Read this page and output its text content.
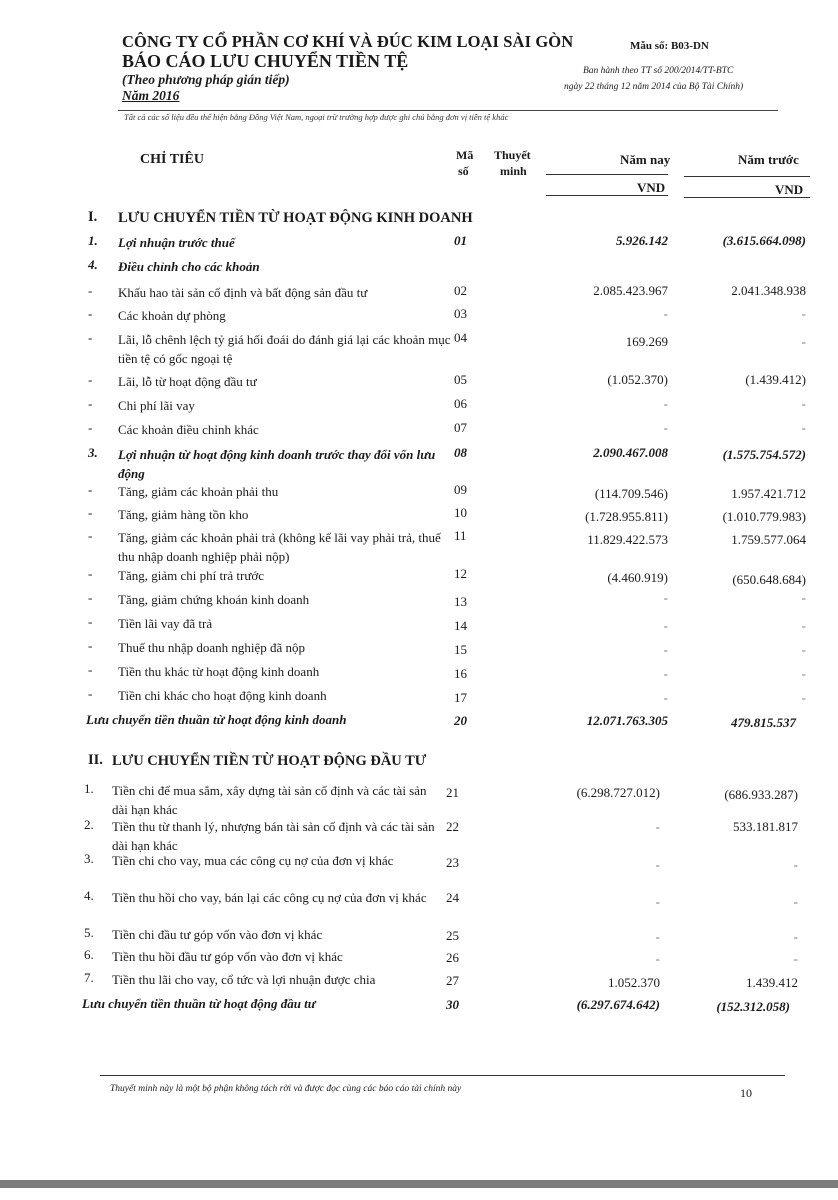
CÔNG TY CỔ PHẦN CƠ KHÍ VÀ ĐÚC KIM LOẠI SÀI GÒN
BÁO CÁO LƯU CHUYỂN TIỀN TỆ
(Theo phương pháp gián tiếp)
Năm 2016
Mẫu số: B03-DN
Ban hành theo TT số 200/2014/TT-BTC
ngày 22 tháng 12 năm 2014 của Bộ Tài Chính)
Tất cả các số liệu đều thể hiện bằng Đồng Việt Nam, ngoại trừ trường hợp được ghi chú bằng đơn vị tiền tệ khác
CHỈ TIÊU	Mã
số
Thuyết
minh
Năm nay	Năm trước
VND	VND
I. LƯU CHUYỂN TIỀN TỪ HOẠT ĐỘNG KINH DOANH
1. Lợi nhuận trước thuế	01	5.926.142	(3.615.664.098)
4. Điều chỉnh cho các khoản
- Khấu hao tài sản cố định và bất động sản đầu tư	02	2.085.423.967	2.041.348.938
- Các khoản dự phòng	03	-	-
- Lãi, lỗ chênh lệch tỷ giá hối đoái do đánh giá lại các khoản mục tiền tệ có gốc ngoại tệ
04	169.269	-
- Lãi, lỗ từ hoạt động đầu tư	05	(1.052.370)	(1.439.412)
- Chi phí lãi vay	06	-	-
- Các khoản điều chỉnh khác	07	-	-
3. Lợi nhuận từ hoạt động kinh doanh trước thay đổi vốn lưu động
08	2.090.467.008	(1.575.754.572)
- Tăng, giảm các khoản phải thu	09	(114.709.546)	1.957.421.712
- Tăng, giảm hàng tồn kho	10	(1.728.955.811)	(1.010.779.983)
- Tăng, giảm các khoản phải trả (không kể lãi vay phải trả, thuế thu nhập doanh nghiệp phải nộp)
11	11.829.422.573	1.759.577.064
- Tăng, giảm chi phí trả trước	12	(4.460.919)	(650.648.684)
- Tăng, giảm chứng khoán kinh doanh	13	-	-
- Tiền lãi vay đã trả	14	-	-
- Thuế thu nhập doanh nghiệp đã nộp	15	-	-
- Tiền thu khác từ hoạt động kinh doanh	16	-	-
- Tiền chi khác cho hoạt động kinh doanh	17	-	-
Lưu chuyển tiền thuần từ hoạt động kinh doanh	20	12.071.763.305	479.815.537
II. LƯU CHUYỂN TIỀN TỪ HOẠT ĐỘNG ĐẦU TƯ
1. Tiền chi để mua sắm, xây dựng tài sản cố định và các tài sản dài hạn khác
21	(6.298.727.012)	(686.933.287)
2. Tiền thu từ thanh lý, nhượng bán tài sản cố định và các tài sản dài hạn khác
22	-	533.181.817
3. Tiền chi cho vay, mua các công cụ nợ của đơn vị khác	23	-	-
4. Tiền thu hồi cho vay, bán lại các công cụ nợ của đơn vị khác	24	-	-
5. Tiền chi đầu tư góp vốn vào đơn vị khác	25	-	-
6. Tiền thu hồi đầu tư góp vốn vào đơn vị khác	26	-	-
7. Tiền thu lãi cho vay, cổ tức và lợi nhuận được chia	27	1.052.370	1.439.412
Lưu chuyển tiền thuần từ hoạt động đầu tư	30	(6.297.674.642)	(152.312.058)
Thuyết minh này là một bộ phận không tách rời và được đọc cùng các báo cáo tài chính này	10
